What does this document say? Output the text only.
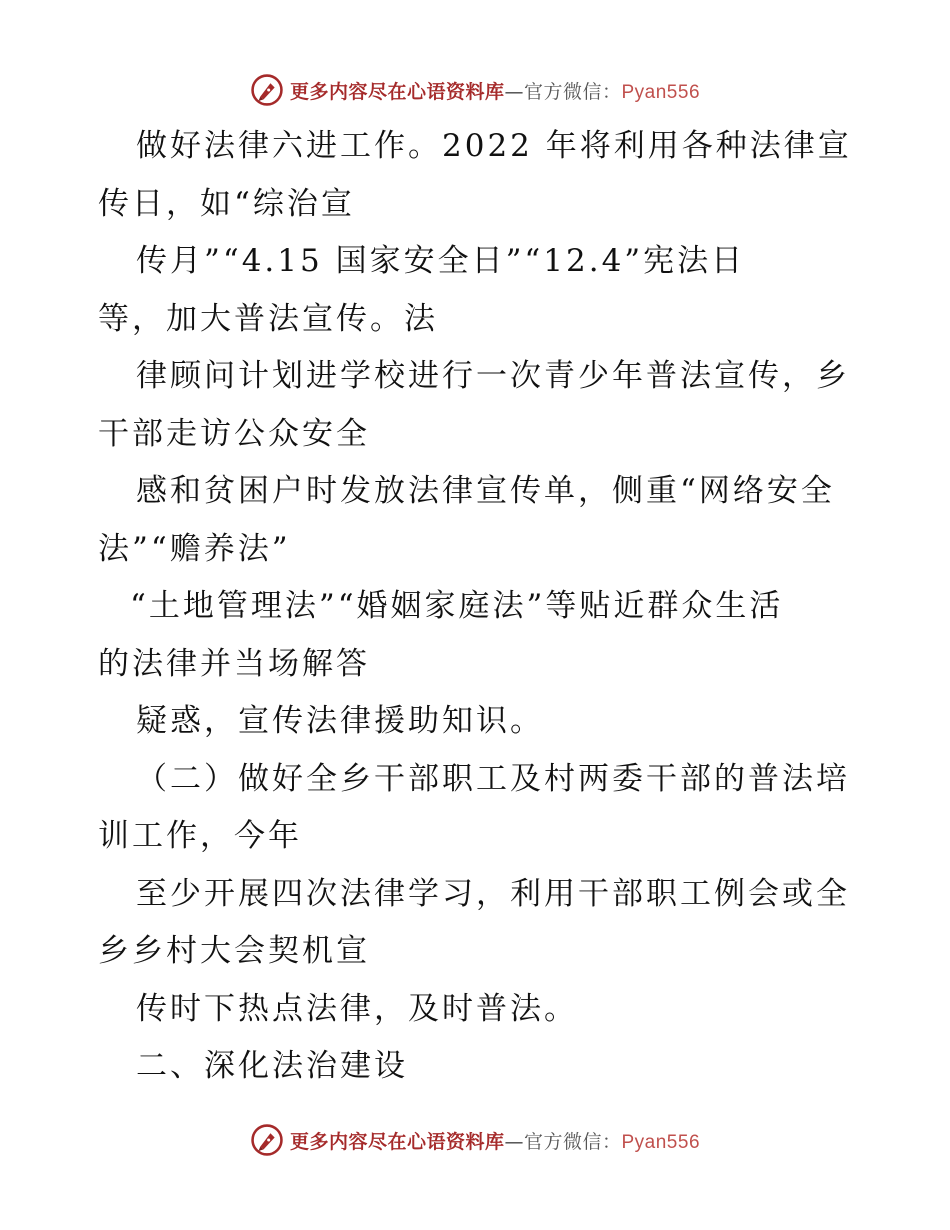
更多内容尽在心语资料库—官方微信：Pyan556
做好法律六进工作。2022 年将利用各种法律宣
传日，如“综治宣
传月”“4.15 国家安全日”“12.4”宪法日
等，加大普法宣传。法
律顾问计划进学校进行一次青少年普法宣传，乡
干部走访公众安全
感和贫困户时发放法律宣传单，侧重“网络安全
法”“赡养法”
“土地管理法”“婚姻家庭法”等贴近群众生活
的法律并当场解答
疑惑，宣传法律援助知识。
（二）做好全乡干部职工及村两委干部的普法培
训工作，今年
至少开展四次法律学习，利用干部职工例会或全
乡乡村大会契机宣
传时下热点法律，及时普法。
二、深化法治建设
更多内容尽在心语资料库—官方微信：Pyan556
